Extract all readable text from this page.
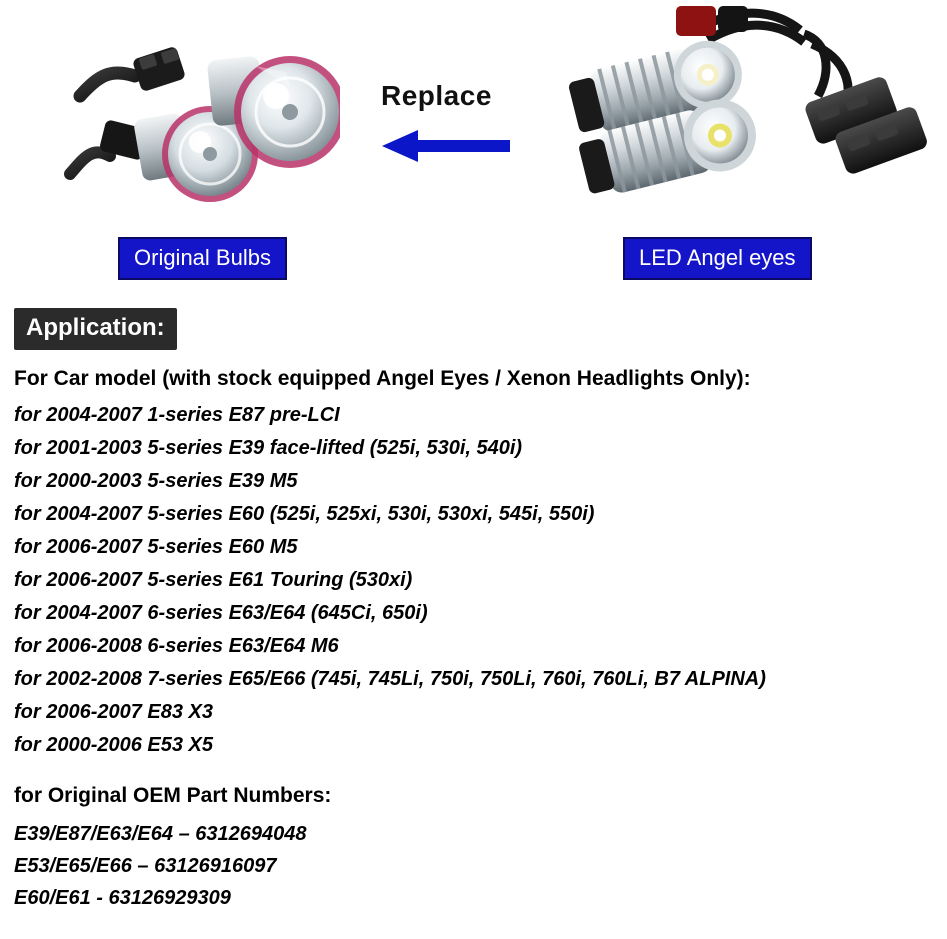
Replace
Original Bulbs	LED Angel eyes
Application:

For Car model (with stock equipped Angel Eyes / Xenon Headlights Only):

for 2004-2007 1-series E87 pre-LCI
for 2001-2003 5-series E39 face-lifted (525i, 530i, 540i)
for 2000-2003 5-series E39 M5
for 2004-2007 5-series E60 (525i, 525xi, 530i, 530xi, 545i, 550i)
for 2006-2007 5-series E60 M5
for 2006-2007 5-series E61 Touring (530xi)
for 2004-2007 6-series E63/E64 (645Ci, 650i)
for 2006-2008 6-series E63/E64 M6
for 2002-2008 7-series E65/E66 (745i, 745Li, 750i, 750Li, 760i, 760Li, B7 ALPINA)
for 2006-2007 E83 X3
for 2000-2006 E53 X5

for Original OEM Part Numbers:

E39/E87/E63/E64 – 6312694048
E53/E65/E66 – 63126916097
E60/E61 - 63126929309
